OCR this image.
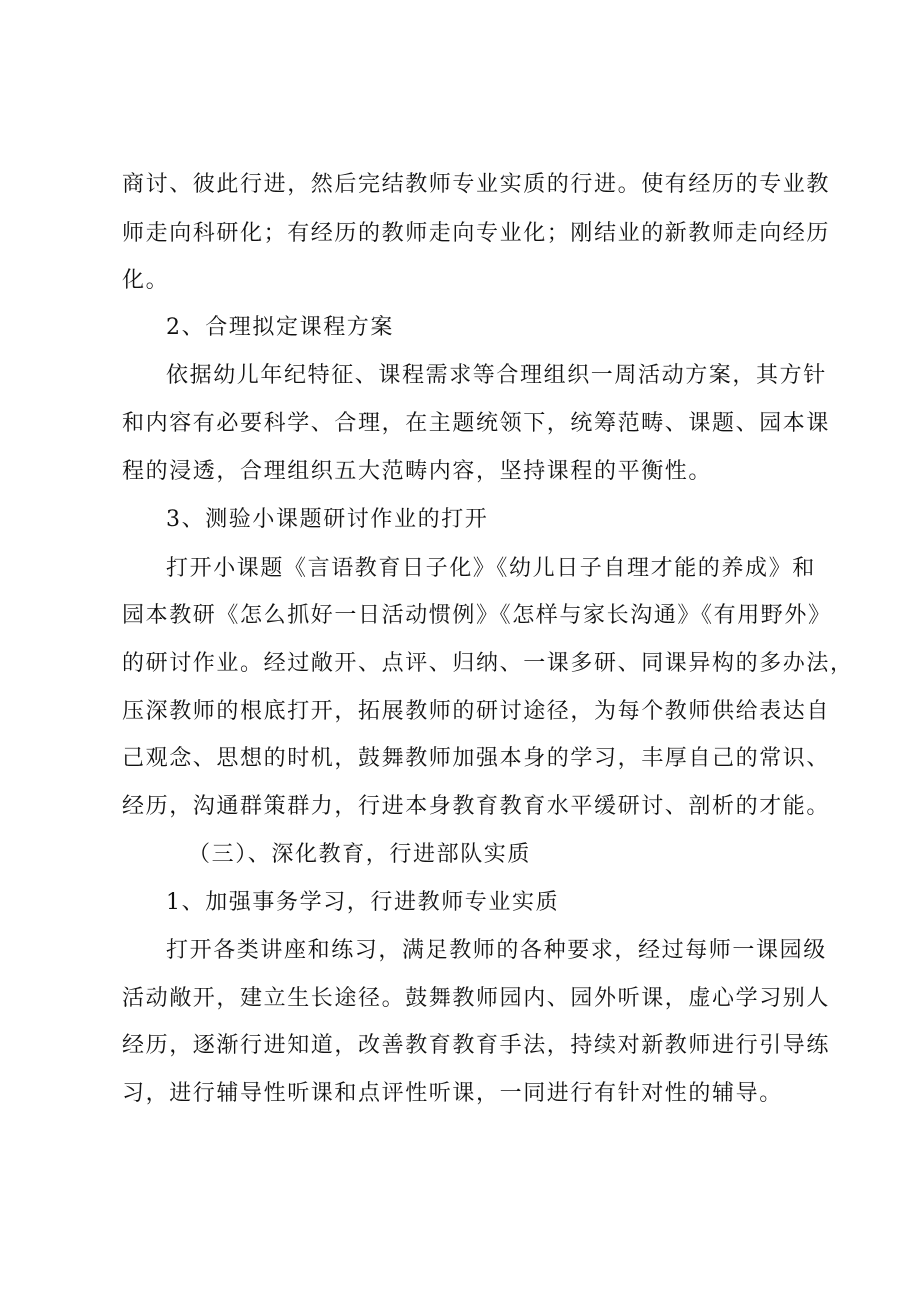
商讨、彼此行进，然后完结教师专业实质的行进。使有经历的专业教
师走向科研化；有经历的教师走向专业化；刚结业的新教师走向经历
化。
2、合理拟定课程方案
依据幼儿年纪特征、课程需求等合理组织一周活动方案，其方针
和内容有必要科学、合理，在主题统领下，统筹范畴、课题、园本课
程的浸透，合理组织五大范畴内容，坚持课程的平衡性。
3、测验小课题研讨作业的打开
打开小课题《言语教育日子化》《幼儿日子自理才能的养成》和
园本教研《怎么抓好一日活动惯例》《怎样与家长沟通》《有用野外》
的研讨作业。经过敞开、点评、归纳、一课多研、同课异构的多办法，
压深教师的根底打开，拓展教师的研讨途径，为每个教师供给表达自
己观念、思想的时机，鼓舞教师加强本身的学习，丰厚自己的常识、
经历，沟通群策群力，行进本身教育教育水平缓研讨、剖析的才能。
（三）、深化教育，行进部队实质
1、加强事务学习，行进教师专业实质
打开各类讲座和练习，满足教师的各种要求，经过每师一课园级
活动敞开，建立生长途径。鼓舞教师园内、园外听课，虚心学习别人
经历，逐渐行进知道，改善教育教育手法，持续对新教师进行引导练
习，进行辅导性听课和点评性听课，一同进行有针对性的辅导。
